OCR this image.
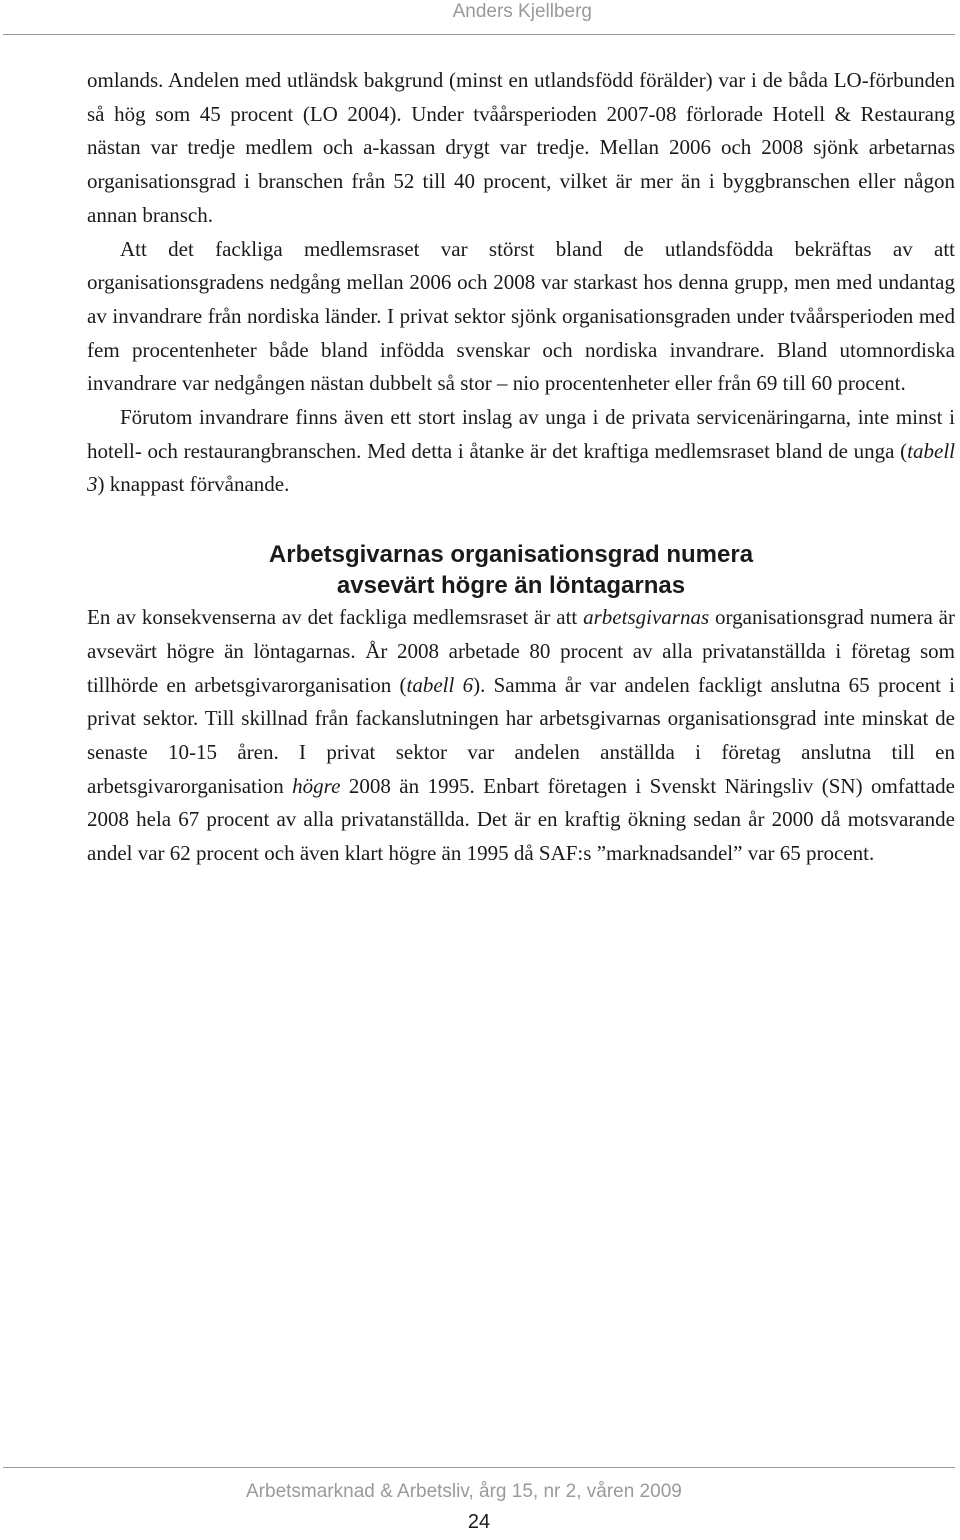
Anders Kjellberg

omlands. Andelen med utländsk bakgrund (minst en utlandsfödd förälder) var i de båda LO-förbunden så hög som 45 procent (LO 2004). Under tvåårsperioden 2007-08 förlorade Hotell & Restaurang nästan var tredje medlem och a-kassan drygt var tredje. Mellan 2006 och 2008 sjönk arbetarnas organisationsgrad i branschen från 52 till 40 procent, vilket är mer än i byggbranschen eller någon annan bransch.

Att det fackliga medlemsraset var störst bland de utlandsfödda bekräftas av att organisationsgradens nedgång mellan 2006 och 2008 var starkast hos denna grupp, men med undantag av invandrare från nordiska länder. I privat sektor sjönk organisationsgraden under tvåårsperioden med fem procentenheter både bland infödda svenskar och nordiska invandrare. Bland utomnordiska invandrare var nedgången nästan dubbelt så stor – nio procentenheter eller från 69 till 60 procent.

Förutom invandrare finns även ett stort inslag av unga i de privata servicenäringarna, inte minst i hotell- och restaurangbranschen. Med detta i åtanke är det kraftiga medlemsraset bland de unga (tabell 3) knappast förvånande.

Arbetsgivarnas organisationsgrad numera
avsevärt högre än löntagarnas

En av konsekvenserna av det fackliga medlemsraset är att arbetsgivarnas organisationsgrad numera är avsevärt högre än löntagarnas. År 2008 arbetade 80 procent av alla privatanställda i företag som tillhörde en arbetsgivarorganisation (tabell 6). Samma år var andelen fackligt anslutna 65 procent i privat sektor. Till skillnad från fackanslutningen har arbetsgivarnas organisationsgrad inte minskat de senaste 10-15 åren. I privat sektor var andelen anställda i företag anslutna till en arbetsgivarorganisation högre 2008 än 1995. Enbart företagen i Svenskt Näringsliv (SN) omfattade 2008 hela 67 procent av alla privatanställda. Det är en kraftig ökning sedan år 2000 då motsvarande andel var 62 procent och även klart högre än 1995 då SAF:s ”marknadsandel” var 65 procent.

Arbetsmarknad & Arbetsliv, årg 15, nr 2, våren 2009
24
